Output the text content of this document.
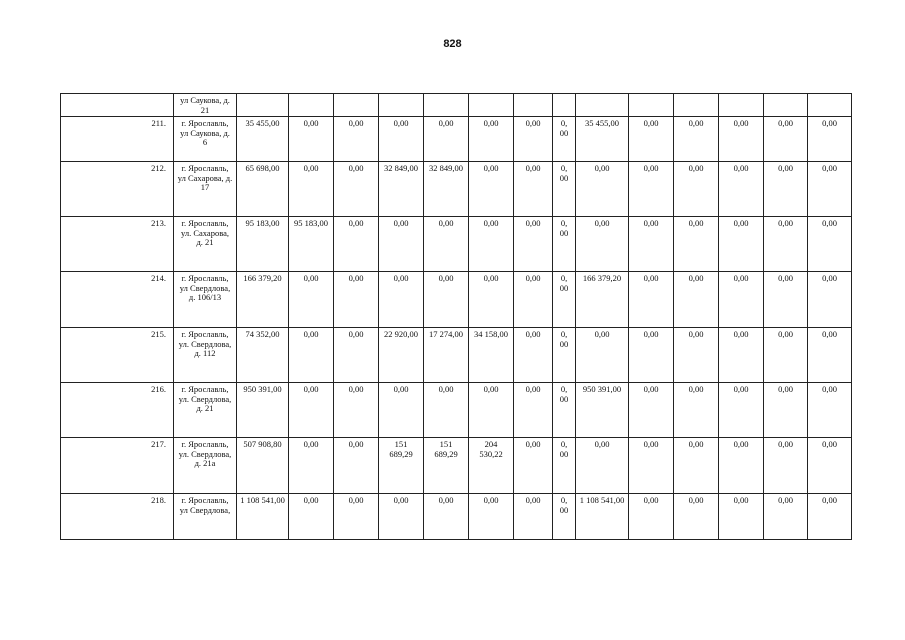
828
	ул Саукова, д. 21														
211.	г. Ярославль, ул Саукова, д. 6	35 455,00	0,00	0,00	0,00	0,00	0,00	0,00	0, 00	35 455,00	0,00	0,00	0,00	0,00	0,00
212.	г. Ярославль, ул Сахарова, д. 17	65 698,00	0,00	0,00	32 849,00	32 849,00	0,00	0,00	0, 00	0,00	0,00	0,00	0,00	0,00	0,00
213.	г. Ярославль, ул. Сахарова, д. 21	95 183,00	95 183,00	0,00	0,00	0,00	0,00	0,00	0, 00	0,00	0,00	0,00	0,00	0,00	0,00
214.	г. Ярославль, ул Свердлова, д. 106/13	166 379,20	0,00	0,00	0,00	0,00	0,00	0,00	0, 00	166 379,20	0,00	0,00	0,00	0,00	0,00
215.	г. Ярославль, ул. Свердлова, д. 112	74 352,00	0,00	0,00	22 920,00	17 274,00	34 158,00	0,00	0, 00	0,00	0,00	0,00	0,00	0,00	0,00
216.	г. Ярославль, ул. Свердлова, д. 21	950 391,00	0,00	0,00	0,00	0,00	0,00	0,00	0, 00	950 391,00	0,00	0,00	0,00	0,00	0,00
217.	г. Ярославль, ул. Свердлова, д. 21а	507 908,80	0,00	0,00	151 689,29	151 689,29	204 530,22	0,00	0, 00	0,00	0,00	0,00	0,00	0,00	0,00
218.	г. Ярославль, ул Свердлова,	1 108 541,00	0,00	0,00	0,00	0,00	0,00	0,00	0, 00	1 108 541,00	0,00	0,00	0,00	0,00	0,00
